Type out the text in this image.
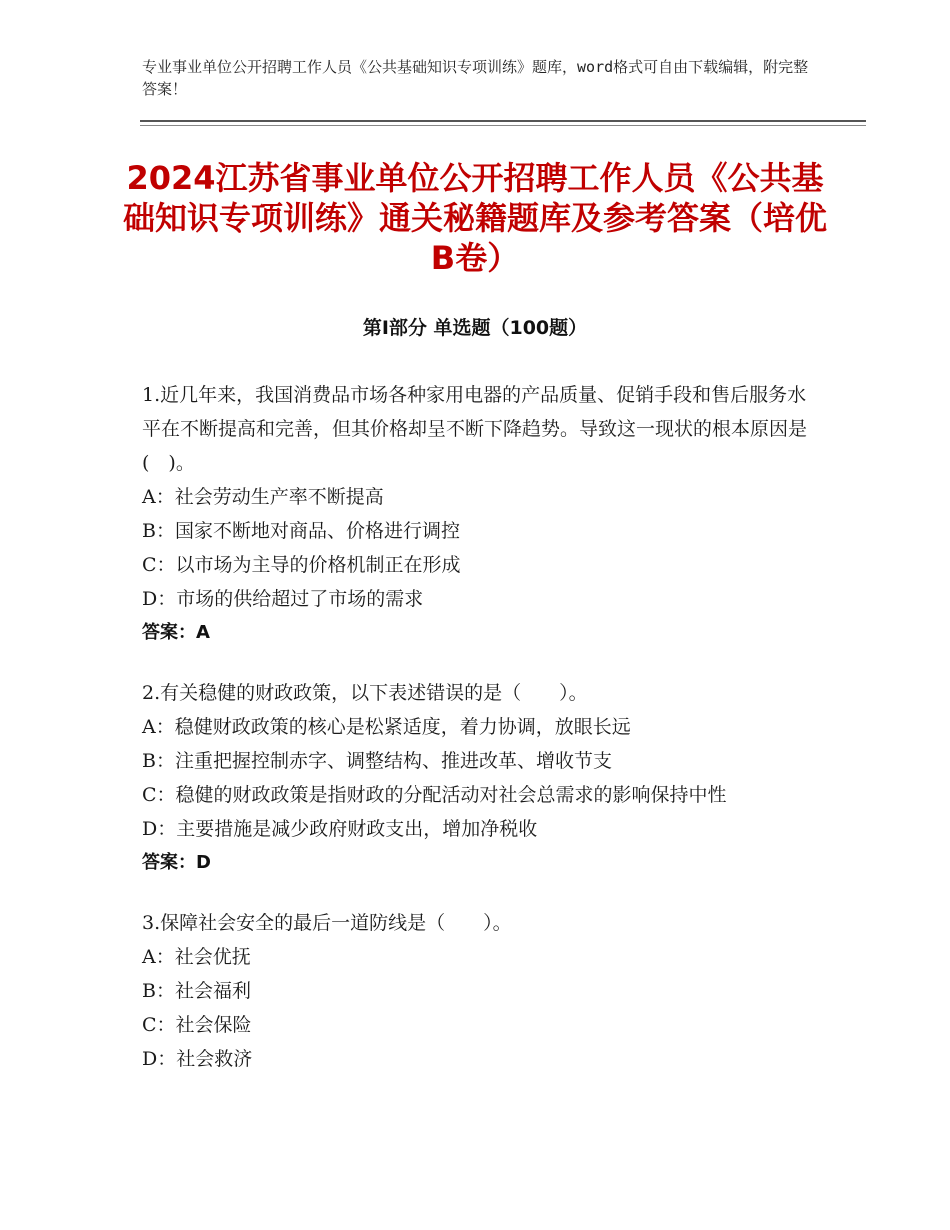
专业事业单位公开招聘工作人员《公共基础知识专项训练》题库，word格式可自由下载编辑，附完整答案！
2024江苏省事业单位公开招聘工作人员《公共基础知识专项训练》通关秘籍题库及参考答案（培优B卷）
第Ⅰ部分 单选题（100题）
1.近几年来，我国消费品市场各种家用电器的产品质量、促销手段和售后服务水平在不断提高和完善，但其价格却呈不断下降趋势。导致这一现状的根本原因是(　)。
A：社会劳动生产率不断提高
B：国家不断地对商品、价格进行调控
C：以市场为主导的价格机制正在形成
D：市场的供给超过了市场的需求
答案：A
2.有关稳健的财政政策，以下表述错误的是（　　）。
A：稳健财政政策的核心是松紧适度，着力协调，放眼长远
B：注重把握控制赤字、调整结构、推进改革、增收节支
C：稳健的财政政策是指财政的分配活动对社会总需求的影响保持中性
D：主要措施是减少政府财政支出，增加净税收
答案：D
3.保障社会安全的最后一道防线是（　　）。
A：社会优抚
B：社会福利
C：社会保险
D：社会救济
